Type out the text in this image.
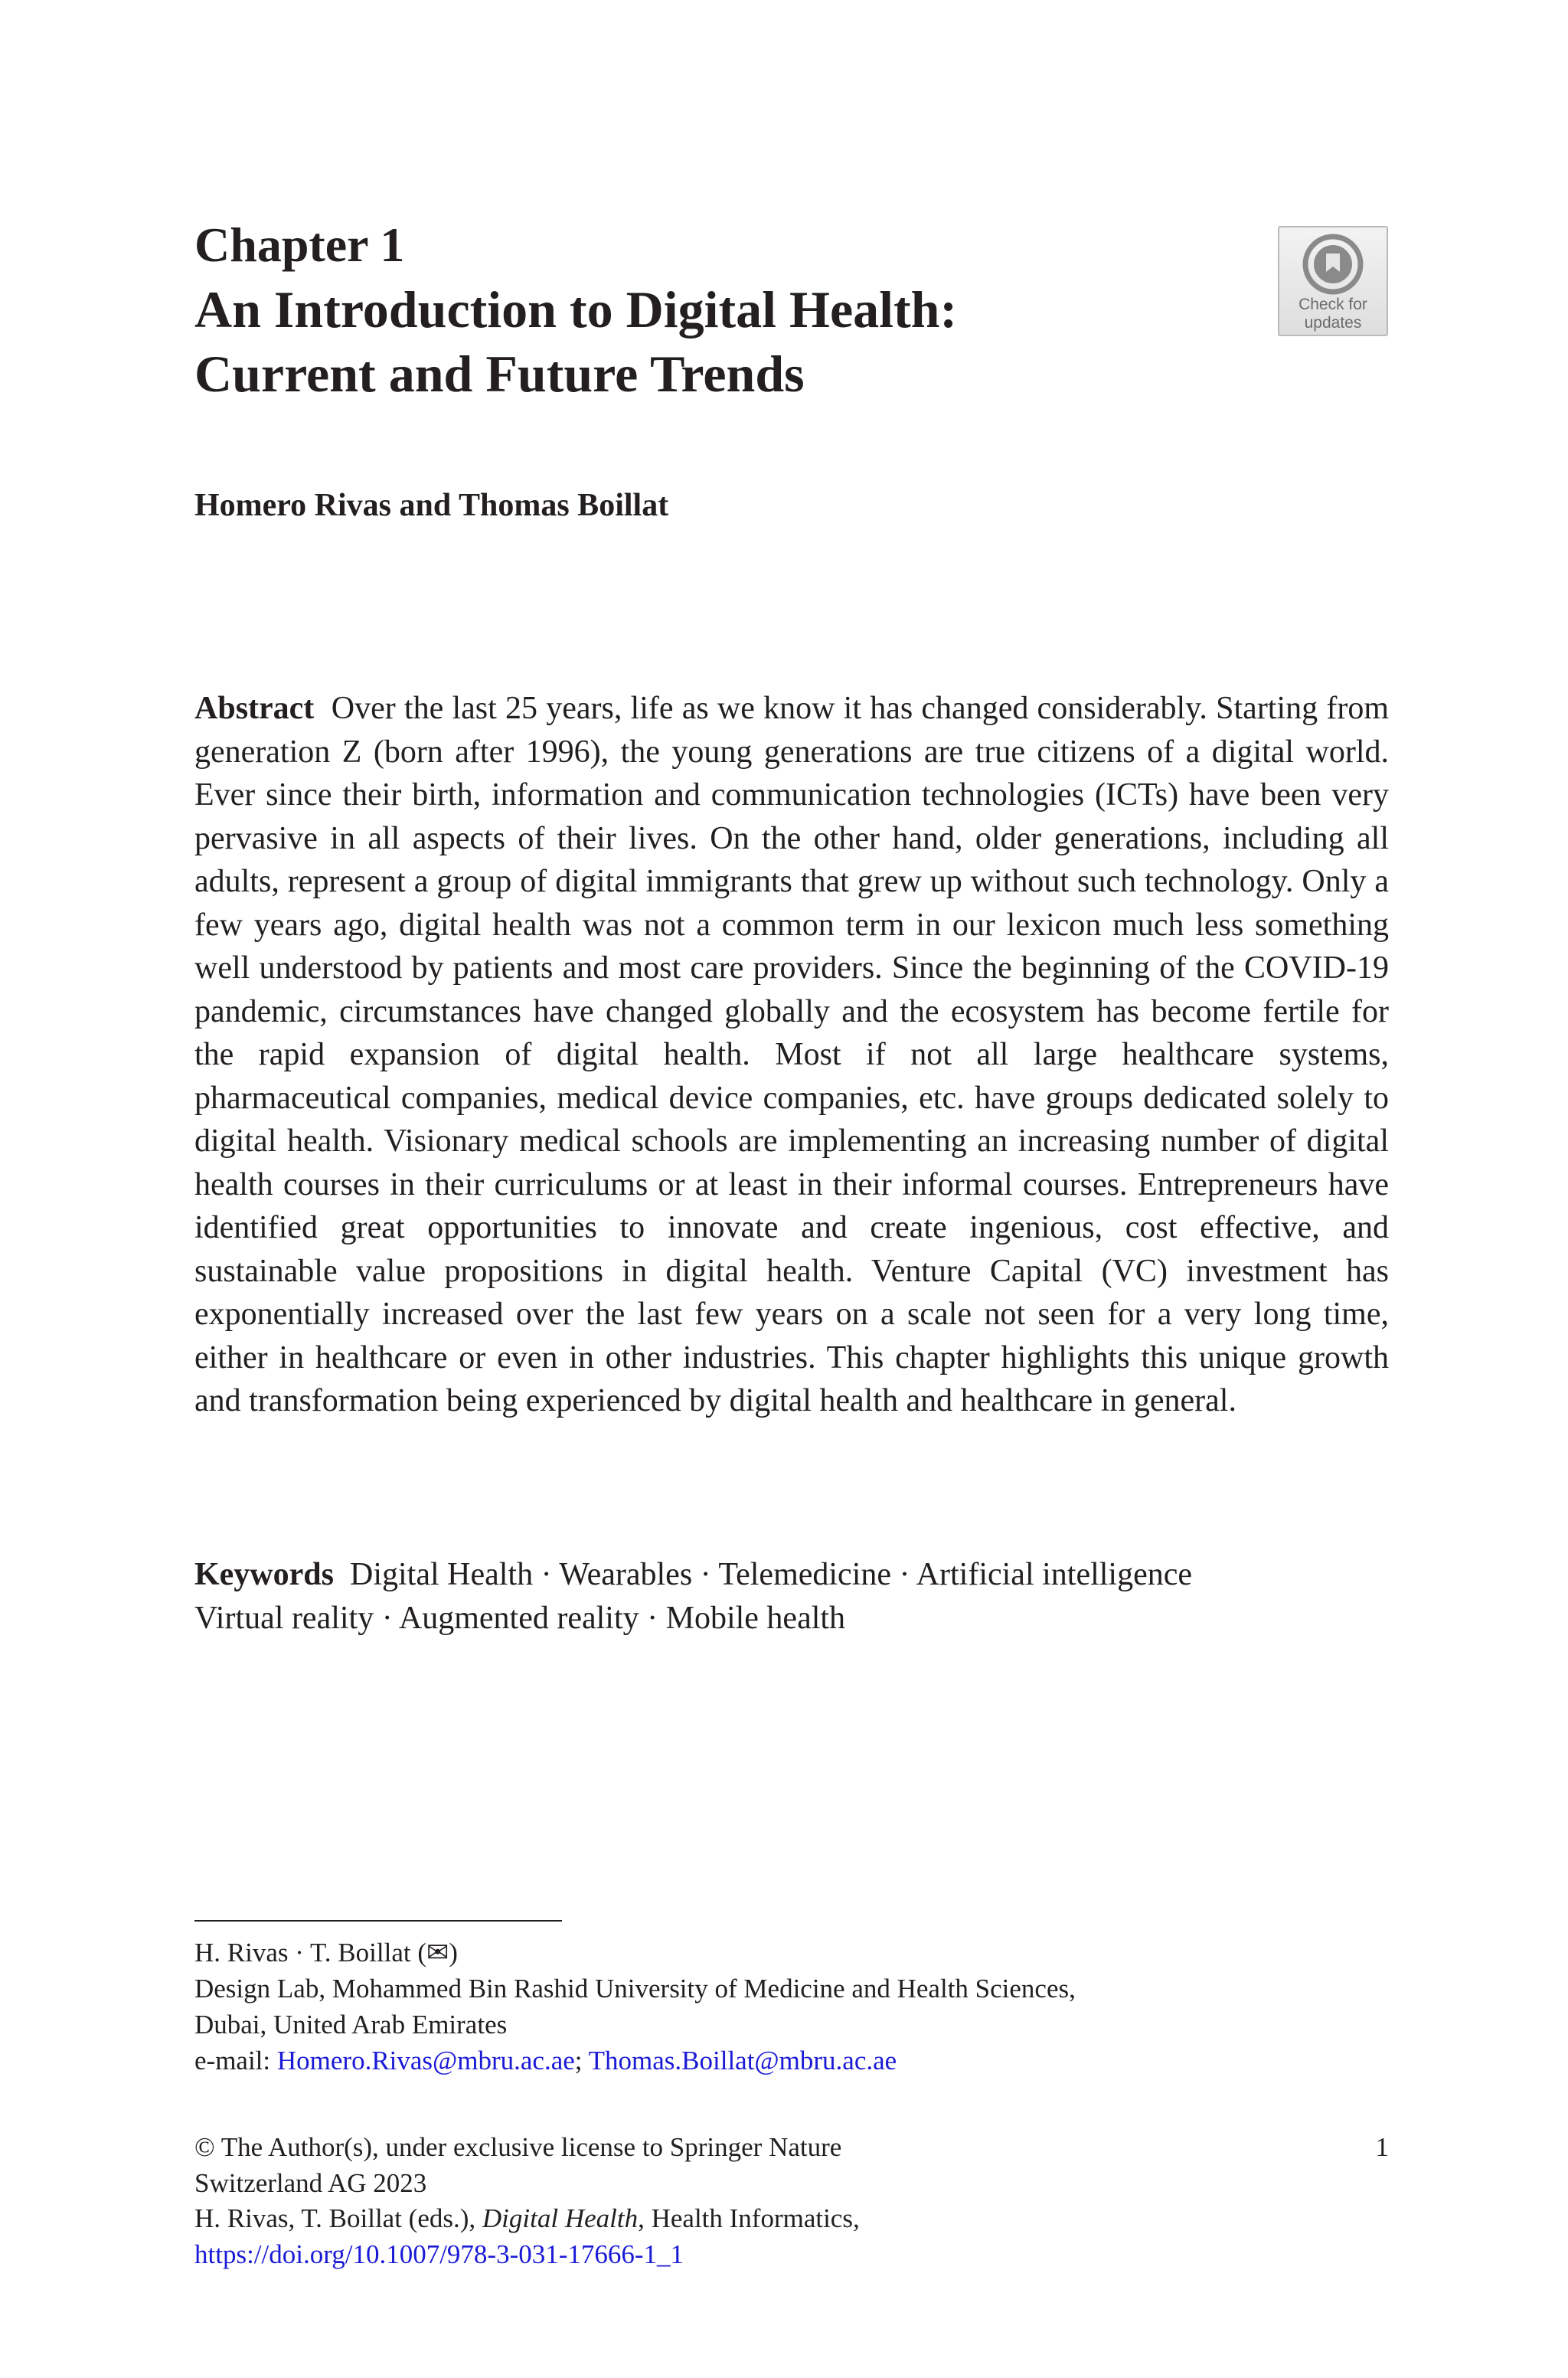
Chapter 1
An Introduction to Digital Health:
Current and Future Trends
Check for
updates
Homero Rivas and Thomas Boillat

Abstract Over the last 25 years, life as we know it has changed considerably. Starting from generation Z (born after 1996), the young generations are true citizens of a digital world. Ever since their birth, information and communication technologies (ICTs) have been very pervasive in all aspects of their lives. On the other hand, older generations, including all adults, represent a group of digital immigrants that grew up without such technology. Only a few years ago, digital health was not a common term in our lexicon much less something well understood by patients and most care providers. Since the beginning of the COVID-19 pandemic, circumstances have changed globally and the ecosystem has become fertile for the rapid expansion of digital health. Most if not all large healthcare systems, pharmaceutical companies, medical device companies, etc. have groups dedicated solely to digital health. Visionary medical schools are implementing an increasing number of digital health courses in their curriculums or at least in their informal courses. Entrepreneurs have identified great opportunities to innovate and create ingenious, cost effective, and sustainable value propositions in digital health. Venture Capital (VC) investment has exponentially increased over the last few years on a scale not seen for a very long time, either in healthcare or even in other industries. This chapter highlights this unique growth and transformation being experienced by digital health and healthcare in general.

Keywords Digital Health · Wearables · Telemedicine · Artificial intelligence
Virtual reality · Augmented reality · Mobile health

H. Rivas · T. Boillat (✉)
Design Lab, Mohammed Bin Rashid University of Medicine and Health Sciences,
Dubai, United Arab Emirates
e-mail: Homero.Rivas@mbru.ac.ae; Thomas.Boillat@mbru.ac.ae
© The Author(s), under exclusive license to Springer Nature
Switzerland AG 2023
H. Rivas, T. Boillat (eds.), Digital Health, Health Informatics,
https://doi.org/10.1007/978-3-031-17666-1_1
1
